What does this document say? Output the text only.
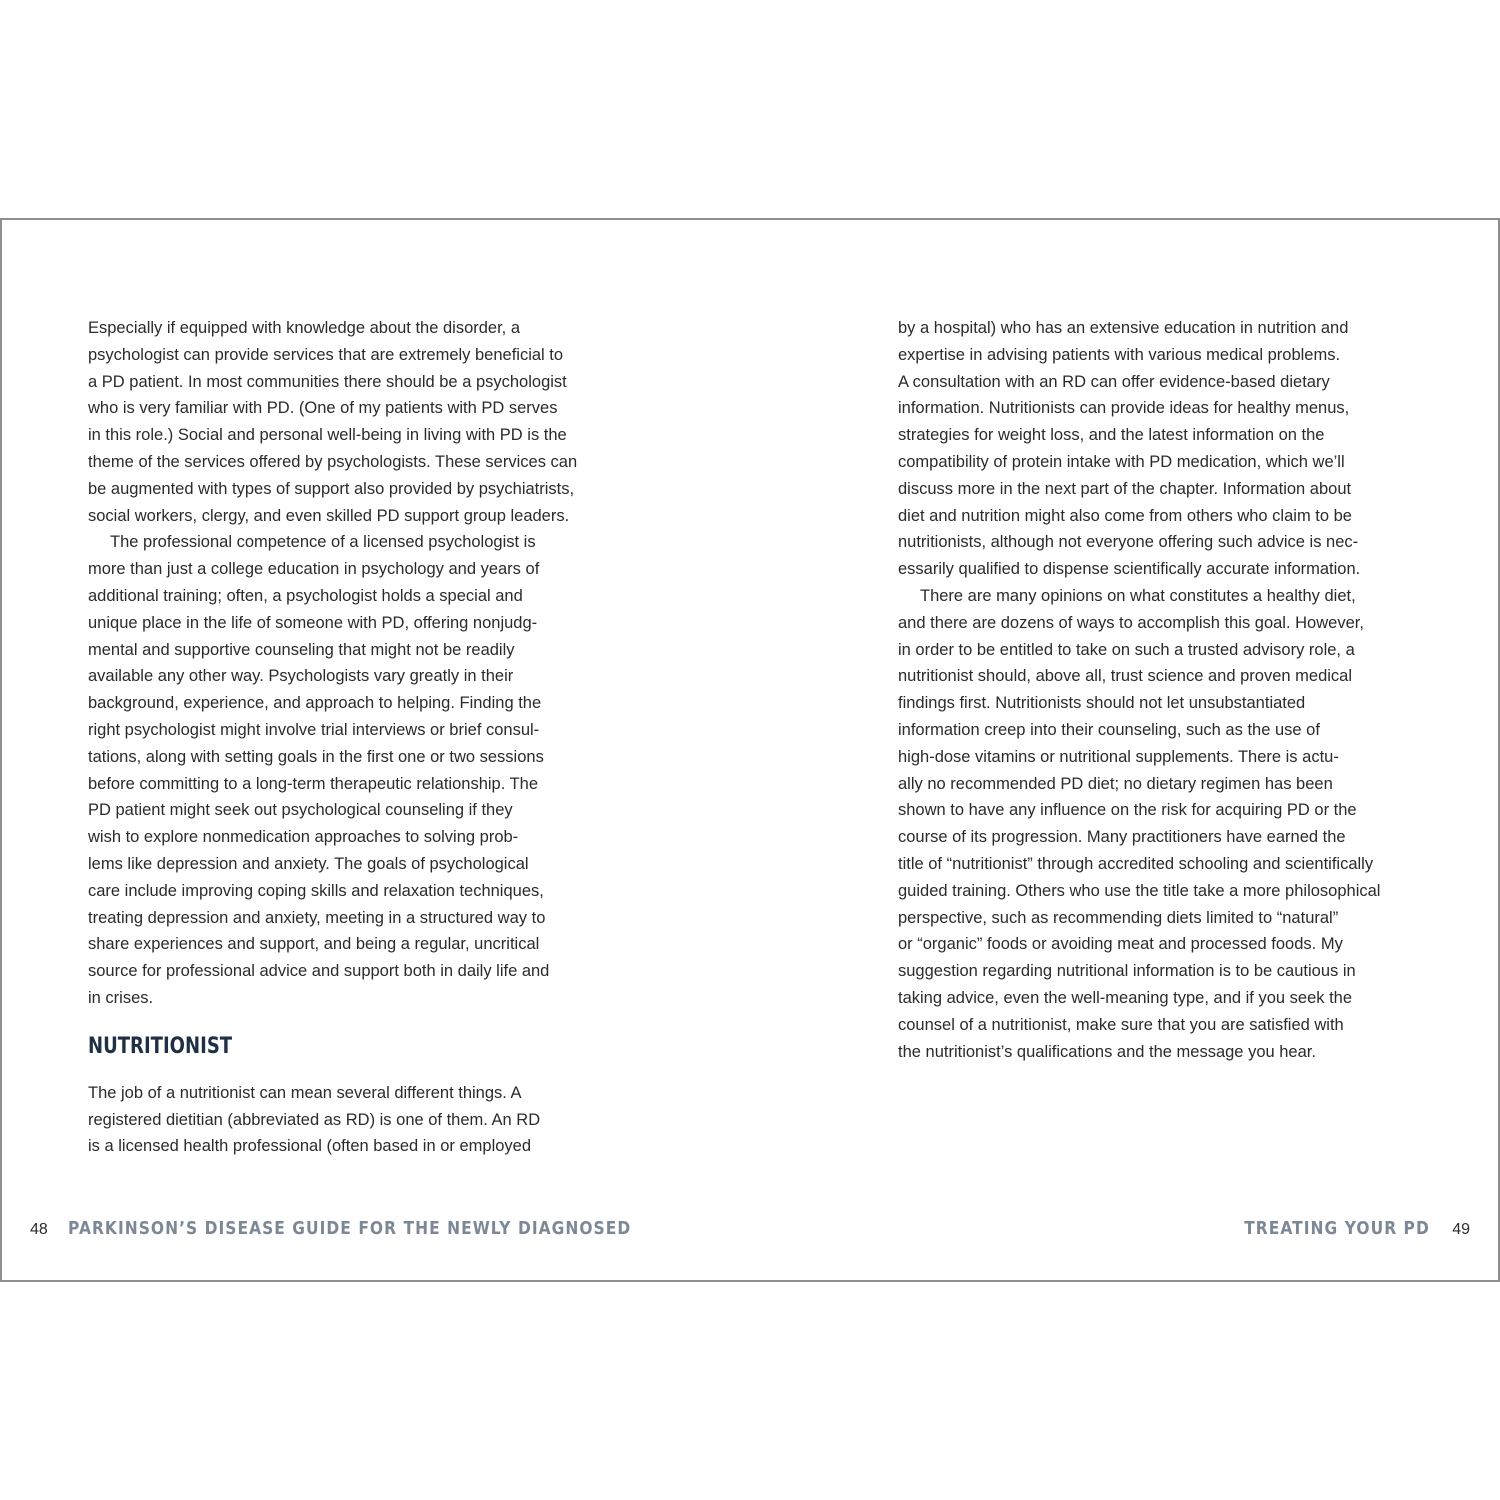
Especially if equipped with knowledge about the disorder, a
psychologist can provide services that are extremely beneficial to
a PD patient. In most communities there should be a psychologist
who is very familiar with PD. (One of my patients with PD serves
in this role.) Social and personal well-being in living with PD is the
theme of the services offered by psychologists. These services can
be augmented with types of support also provided by psychiatrists,
social workers, clergy, and even skilled PD support group leaders.
The professional competence of a licensed psychologist is
more than just a college education in psychology and years of
additional training; often, a psychologist holds a special and
unique place in the life of someone with PD, offering nonjudg-
mental and supportive counseling that might not be readily
available any other way. Psychologists vary greatly in their
background, experience, and approach to helping. Finding the
right psychologist might involve trial interviews or brief consul-
tations, along with setting goals in the first one or two sessions
before committing to a long-term therapeutic relationship. The
PD patient might seek out psychological counseling if they
wish to explore nonmedication approaches to solving prob-
lems like depression and anxiety. The goals of psychological
care include improving coping skills and relaxation techniques,
treating depression and anxiety, meeting in a structured way to
share experiences and support, and being a regular, uncritical
source for professional advice and support both in daily life and
in crises.
NUTRITIONIST
The job of a nutritionist can mean several different things. A
registered dietitian (abbreviated as RD) is one of them. An RD
is a licensed health professional (often based in or employed
by a hospital) who has an extensive education in nutrition and
expertise in advising patients with various medical problems.
A consultation with an RD can offer evidence-based dietary
information. Nutritionists can provide ideas for healthy menus,
strategies for weight loss, and the latest information on the
compatibility of protein intake with PD medication, which we’ll
discuss more in the next part of the chapter. Information about
diet and nutrition might also come from others who claim to be
nutritionists, although not everyone offering such advice is nec-
essarily qualified to dispense scientifically accurate information.
There are many opinions on what constitutes a healthy diet,
and there are dozens of ways to accomplish this goal. However,
in order to be entitled to take on such a trusted advisory role, a
nutritionist should, above all, trust science and proven medical
findings first. Nutritionists should not let unsubstantiated
information creep into their counseling, such as the use of
high-dose vitamins or nutritional supplements. There is actu-
ally no recommended PD diet; no dietary regimen has been
shown to have any influence on the risk for acquiring PD or the
course of its progression. Many practitioners have earned the
title of “nutritionist” through accredited schooling and scientifically
guided training. Others who use the title take a more philosophical
perspective, such as recommending diets limited to “natural”
or “organic” foods or avoiding meat and processed foods. My
suggestion regarding nutritional information is to be cautious in
taking advice, even the well-meaning type, and if you seek the
counsel of a nutritionist, make sure that you are satisfied with
the nutritionist’s qualifications and the message you hear.
48 PARKINSON’S DISEASE GUIDE FOR THE NEWLY DIAGNOSED	TREATING YOUR PD 49
